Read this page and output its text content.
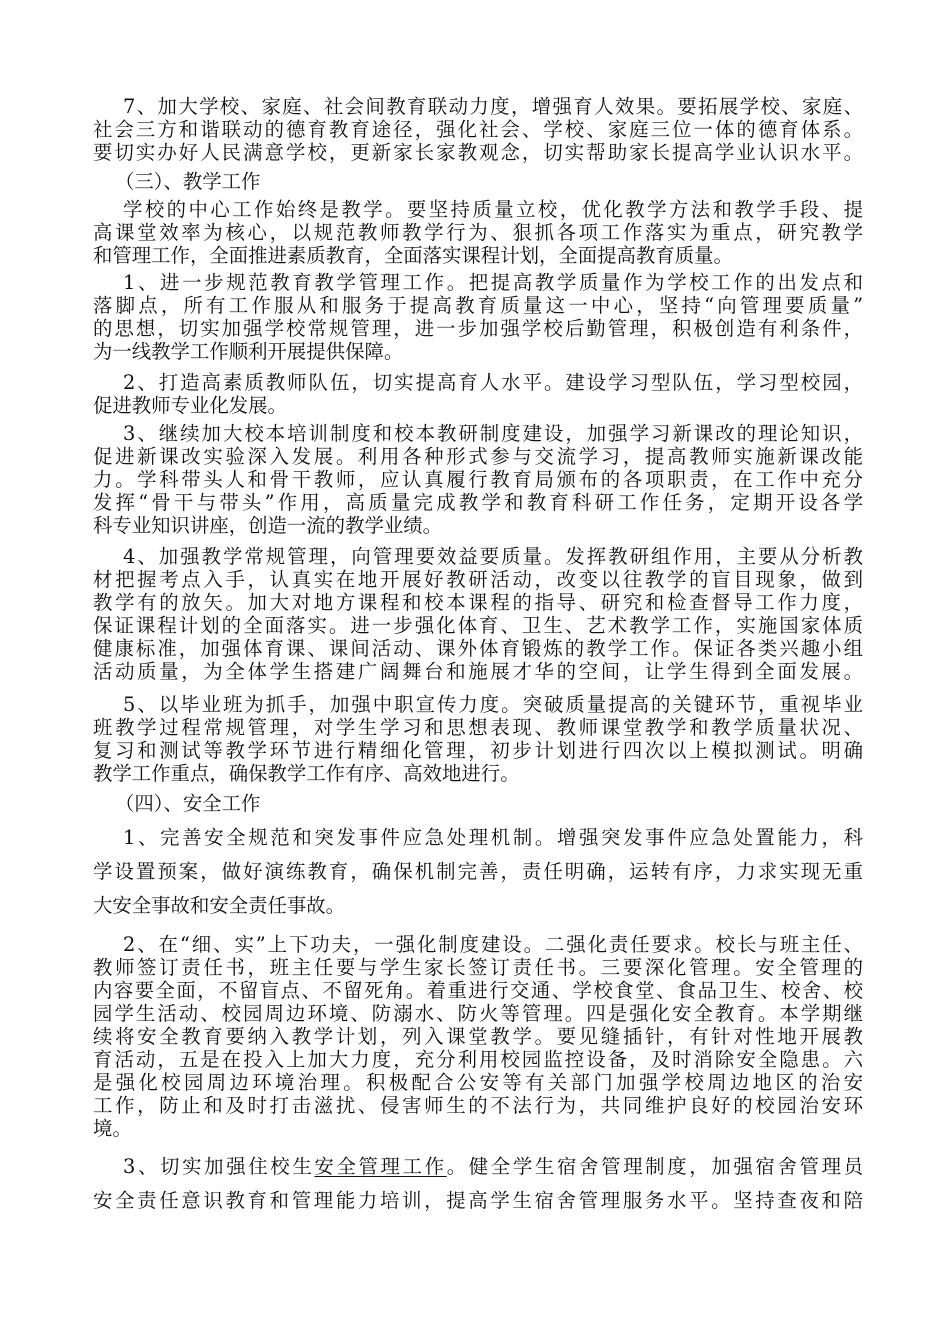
7、加大学校、家庭、社会间教育联动力度，增强育人效果。要拓展学校、家庭、
社会三方和谐联动的德育教育途径，强化社会、学校、家庭三位一体的德育体系。
要切实办好人民满意学校，更新家长家教观念，切实帮助家长提高学业认识水平。
（三）、教学工作
学校的中心工作始终是教学。要坚持质量立校，优化教学方法和教学手段、提
高课堂效率为核心，以规范教师教学行为、狠抓各项工作落实为重点，研究教学
和管理工作，全面推进素质教育，全面落实课程计划，全面提高教育质量。
1、进一步规范教育教学管理工作。把提高教学质量作为学校工作的出发点和
落脚点，所有工作服从和服务于提高教育质量这一中心，坚持“向管理要质量”
的思想，切实加强学校常规管理，进一步加强学校后勤管理，积极创造有利条件，
为一线教学工作顺利开展提供保障。
2、打造高素质教师队伍，切实提高育人水平。建设学习型队伍，学习型校园，
促进教师专业化发展。
3、继续加大校本培训制度和校本教研制度建设，加强学习新课改的理论知识，
促进新课改实验深入发展。利用各种形式参与交流学习，提高教师实施新课改能
力。学科带头人和骨干教师，应认真履行教育局颁布的各项职责，在工作中充分
发挥“骨干与带头”作用，高质量完成教学和教育科研工作任务，定期开设各学
科专业知识讲座，创造一流的教学业绩。
4、加强教学常规管理，向管理要效益要质量。发挥教研组作用，主要从分析教
材把握考点入手，认真实在地开展好教研活动，改变以往教学的盲目现象，做到
教学有的放矢。加大对地方课程和校本课程的指导、研究和检查督导工作力度，
保证课程计划的全面落实。进一步强化体育、卫生、艺术教学工作，实施国家体质
健康标准，加强体育课、课间活动、课外体育锻炼的教学工作。保证各类兴趣小组
活动质量，为全体学生搭建广阔舞台和施展才华的空间，让学生得到全面发展。
5、以毕业班为抓手，加强中职宣传力度。突破质量提高的关键环节，重视毕业
班教学过程常规管理，对学生学习和思想表现、教师课堂教学和教学质量状况、
复习和测试等教学环节进行精细化管理，初步计划进行四次以上模拟测试。明确
教学工作重点，确保教学工作有序、高效地进行。
（四）、安全工作
1、完善安全规范和突发事件应急处理机制。增强突发事件应急处置能力，科
学设置预案，做好演练教育，确保机制完善，责任明确，运转有序，力求实现无重
大安全事故和安全责任事故。
2、在“细、实”上下功夫，一强化制度建设。二强化责任要求。校长与班主任、
教师签订责任书，班主任要与学生家长签订责任书。三要深化管理。安全管理的
内容要全面，不留盲点、不留死角。着重进行交通、学校食堂、食品卫生、校舍、校
园学生活动、校园周边环境、防溺水、防火等管理。四是强化安全教育。本学期继
续将安全教育要纳入教学计划，列入课堂教学。要见缝插针，有针对性地开展教
育活动，五是在投入上加大力度，充分利用校园监控设备，及时消除安全隐患。六
是强化校园周边环境治理。积极配合公安等有关部门加强学校周边地区的治安
工作，防止和及时打击滋扰、侵害师生的不法行为，共同维护良好的校园治安环
境。
3、切实加强住校生安全管理工作。健全学生宿舍管理制度，加强宿舍管理员
安全责任意识教育和管理能力培训，提高学生宿舍管理服务水平。坚持查夜和陪
